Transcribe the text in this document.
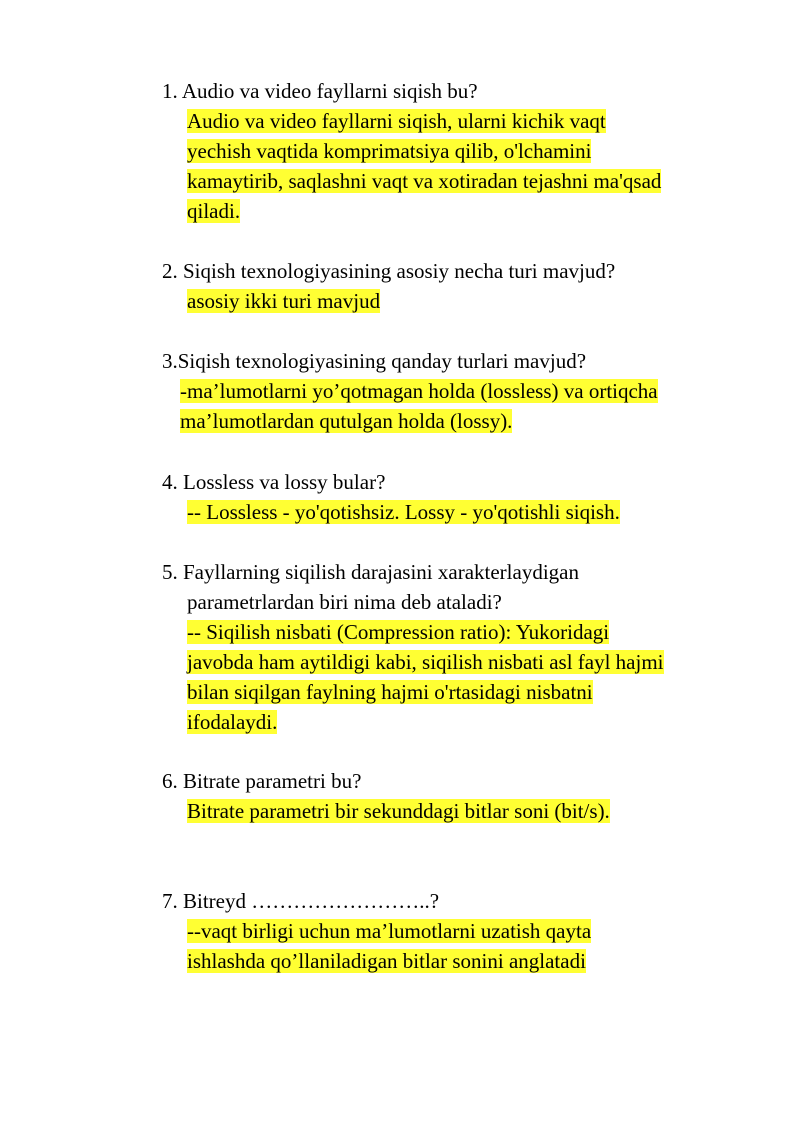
1. Audio va video fayllarni siqish bu?
Audio va video fayllarni siqish, ularni kichik vaqt
yechish vaqtida komprimatsiya qilib, o'lchamini
kamaytirib, saqlashni vaqt va xotiradan tejashni ma'qsad
qiladi.
2. Siqish texnologiyasining asosiy necha turi mavjud?
asosiy ikki turi mavjud
3.Siqish texnologiyasining qanday turlari mavjud?
-ma’lumotlarni yo’qotmagan holda (lossless) va ortiqcha
ma’lumotlardan qutulgan holda (lossy).
4. Lossless va lossy bular?
-- Lossless - yo'qotishsiz. Lossy - yo'qotishli siqish.
5. Fayllarning siqilish darajasini xarakterlaydigan
parametrlardan biri nima deb ataladi?
-- Siqilish nisbati (Compression ratio): Yukoridagi
javobda ham aytildigi kabi, siqilish nisbati asl fayl hajmi
bilan siqilgan faylning hajmi o'rtasidagi nisbatni
ifodalaydi.
6. Bitrate parametri bu?
Bitrate parametri bir sekunddagi bitlar soni (bit/s).
7. Bitreyd ……………………..?
--vaqt birligi uchun ma’lumotlarni uzatish qayta
ishlashda qo’llaniladigan bitlar sonini anglatadi
